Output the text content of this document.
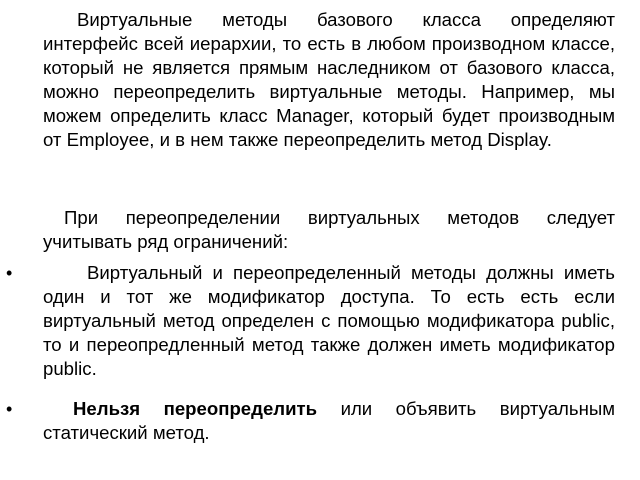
Виртуальные методы базового класса определяют интерфейс всей иерархии, то есть в любом производном классе, который не является прямым наследником от базового класса, можно переопределить виртуальные методы. Например, мы можем определить класс Manager, который будет производным от Employee, и в нем также переопределить метод Display.

При переопределении виртуальных методов следует учитывать ряд ограничений:

•	Виртуальный и переопределенный методы должны иметь один и тот же модификатор доступа. То есть есть если виртуальный метод определен с помощью модификатора public, то и переопредленный метод также должен иметь модификатор public.

•	Нельзя переопределить или объявить виртуальным статический метод.
